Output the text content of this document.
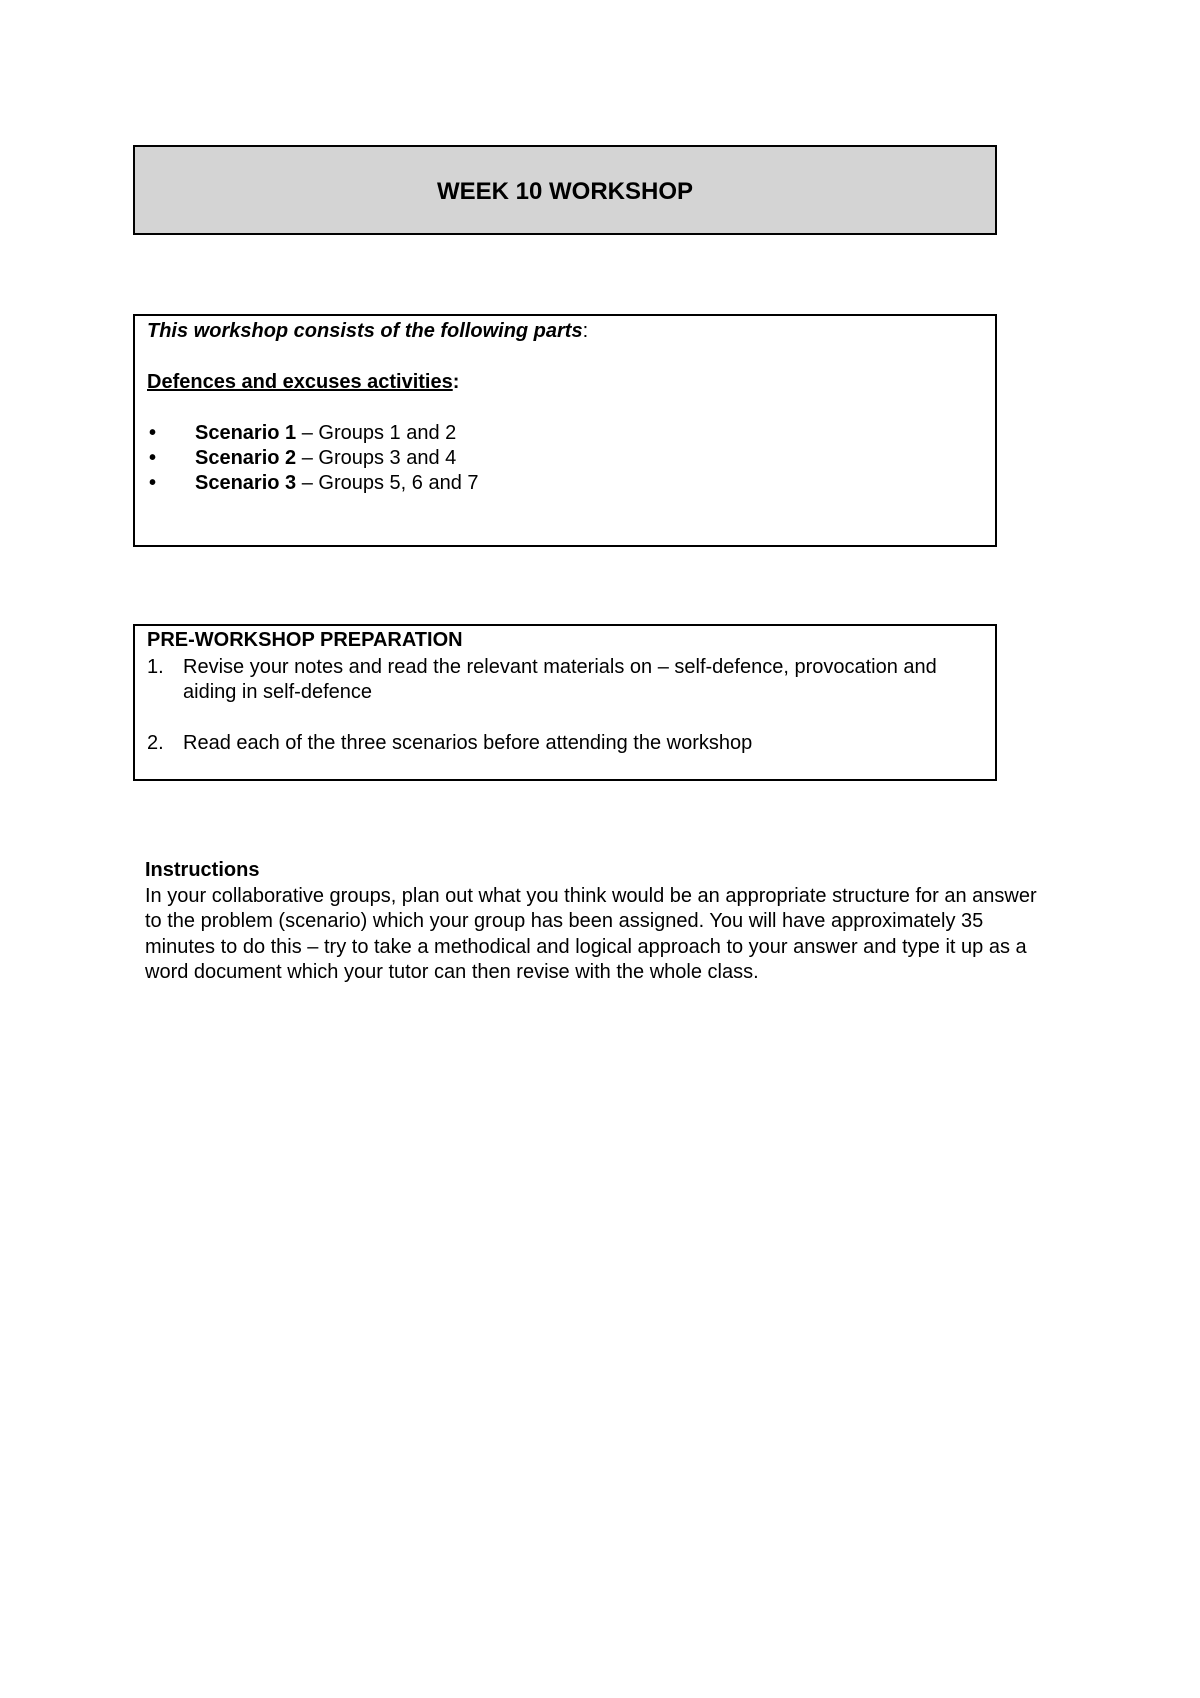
WEEK 10 WORKSHOP

This workshop consists of the following parts:

Defences and excuses activities:

• Scenario 1 – Groups 1 and 2
• Scenario 2 – Groups 3 and 4
• Scenario 3 – Groups 5, 6 and 7

PRE-WORKSHOP PREPARATION

1. Revise your notes and read the relevant materials on – self-defence, provocation and aiding in self-defence
2. Read each of the three scenarios before attending the workshop

Instructions

In your collaborative groups, plan out what you think would be an appropriate structure for an answer to the problem (scenario) which your group has been assigned. You will have approximately 35 minutes to do this – try to take a methodical and logical approach to your answer and type it up as a word document which your tutor can then revise with the whole class.
